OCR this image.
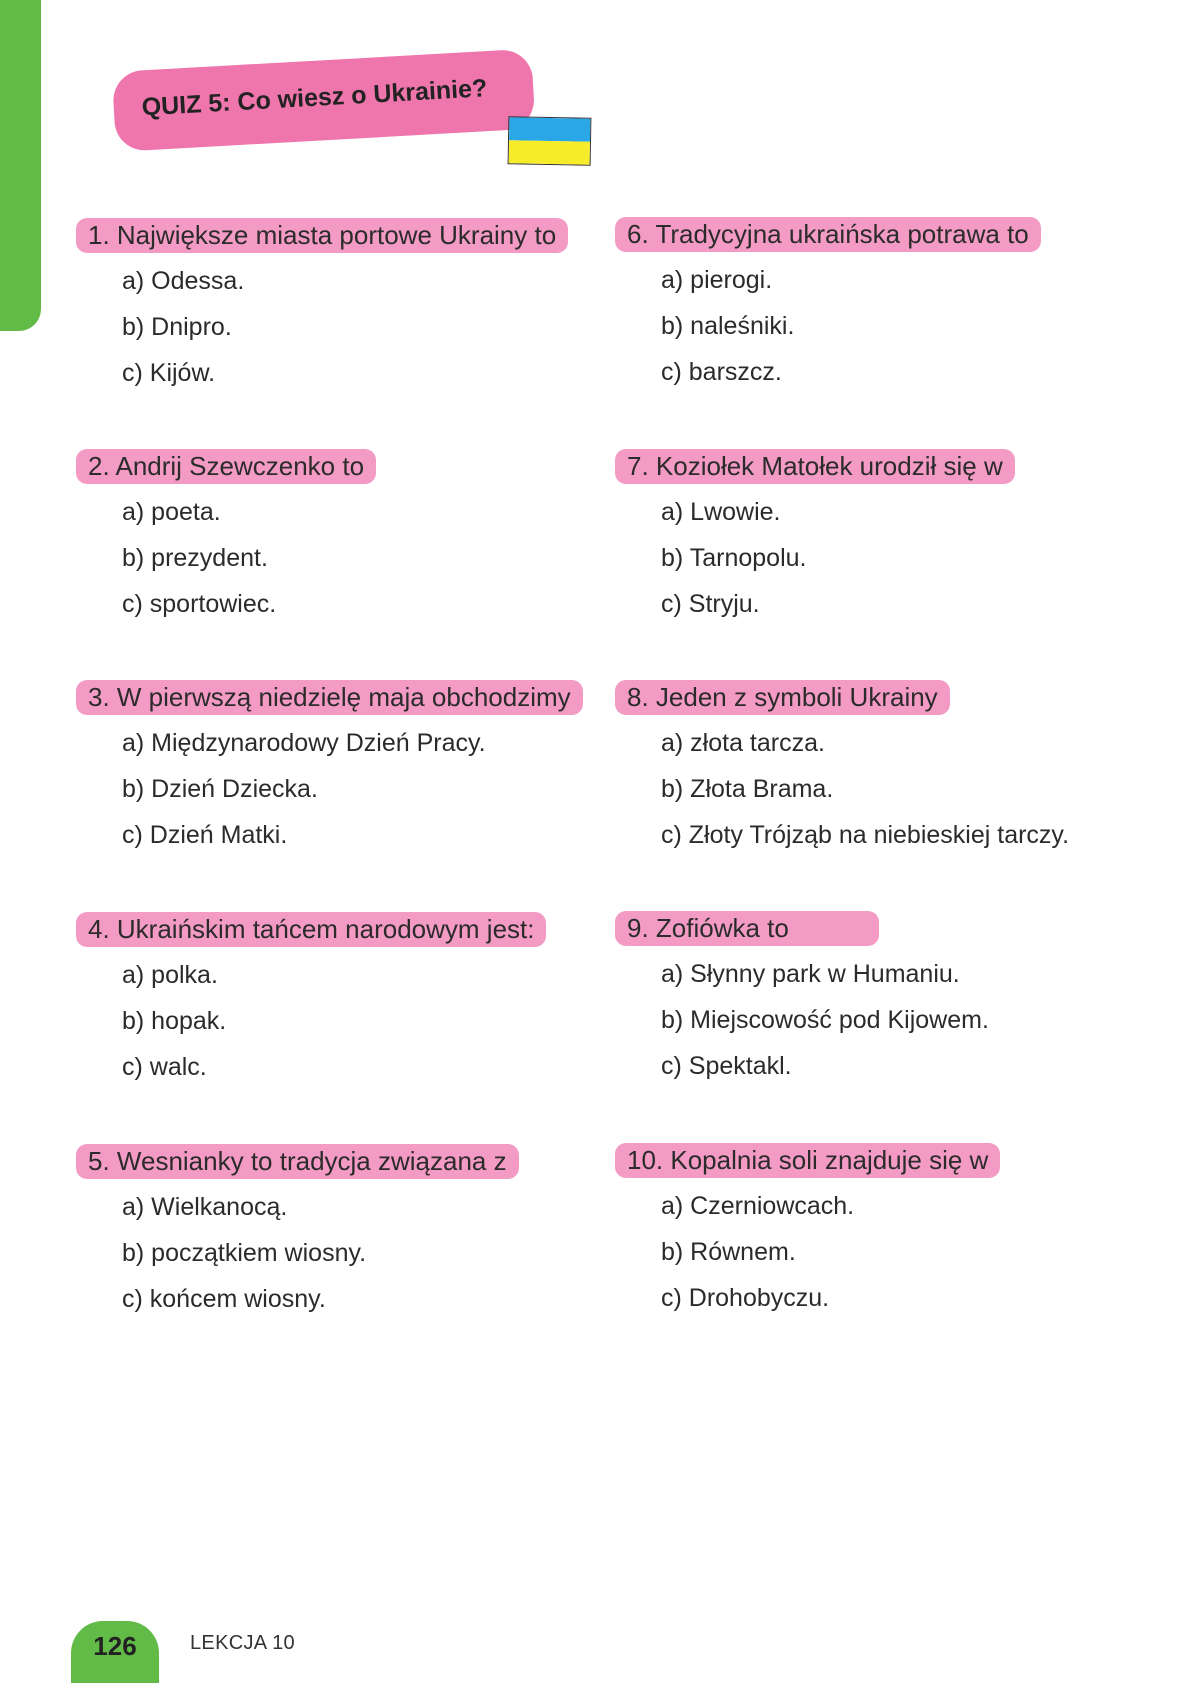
QUIZ 5: Co wiesz o Ukrainie?
1. Największe miasta portowe Ukrainy to
a) Odessa.
b) Dnipro.
c) Kijów.
2. Andrij Szewczenko to
a) poeta.
b) prezydent.
c) sportowiec.
3. W pierwszą niedzielę maja obchodzimy
a) Międzynarodowy Dzień Pracy.
b) Dzień Dziecka.
c) Dzień Matki.
4. Ukraińskim tańcem narodowym jest:
a) polka.
b) hopak.
c) walc.
5. Wesnianky to tradycja związana z
a) Wielkanocą.
b) początkiem wiosny.
c) końcem wiosny.
6. Tradycyjna ukraińska potrawa to
a) pierogi.
b) naleśniki.
c) barszcz.
7. Koziołek Matołek urodził się w
a) Lwowie.
b) Tarnopolu.
c) Stryju.
8. Jeden z symboli Ukrainy
a) złota tarcza.
b) Złota Brama.
c) Złoty Trójząb na niebieskiej tarczy.
9. Zofiówka to
a) Słynny park w Humaniu.
b) Miejscowość pod Kijowem.
c) Spektakl.
10. Kopalnia soli znajduje się w
a) Czerniowcach.
b) Równem.
c) Drohobyczu.
126	LEKCJA 10
